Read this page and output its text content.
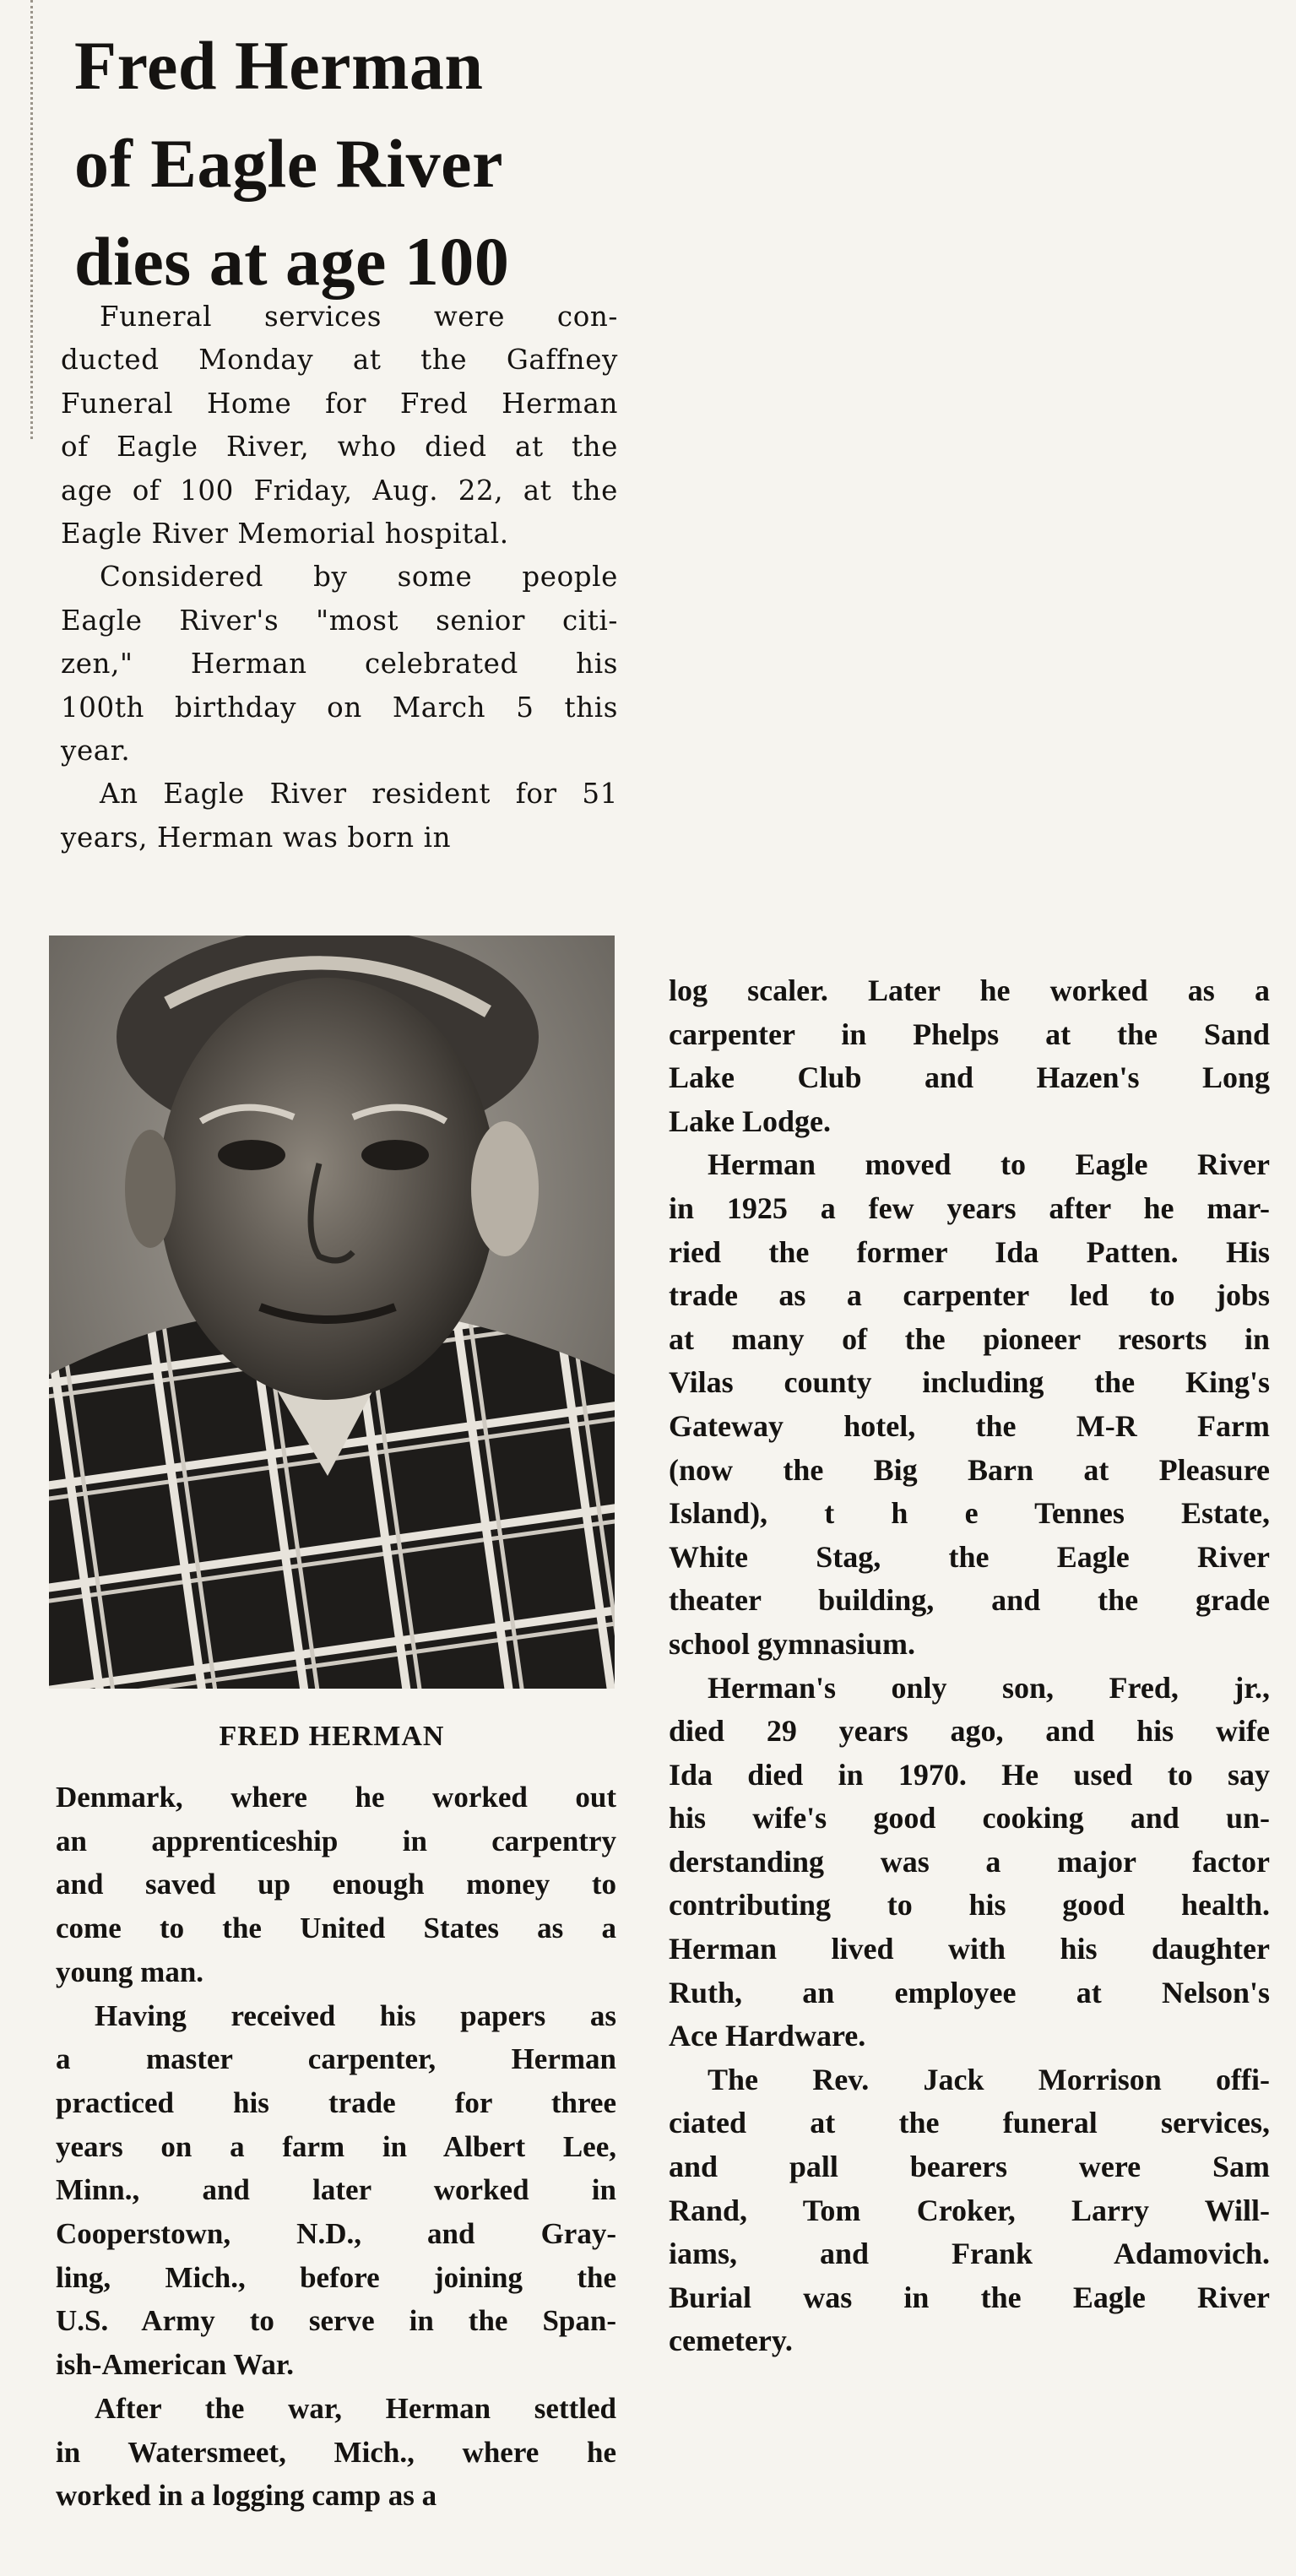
Fred Herman
of Eagle River
dies at age 100

Funeral services were con-
ducted Monday at the Gaffney
Funeral Home for Fred Herman
of Eagle River, who died at the
age of 100 Friday, Aug. 22, at the
Eagle River Memorial hospital.

Considered by some people
Eagle River's "most senior citi-
zen," Herman celebrated his
100th birthday on March 5 this
year.

An Eagle River resident for 51
years, Herman was born in

FRED HERMAN

Denmark, where he worked out
an apprenticeship in carpentry
and saved up enough money to
come to the United States as a
young man.

Having received his papers as
a master carpenter, Herman
practiced his trade for three
years on a farm in Albert Lee,
Minn., and later worked in
Cooperstown, N.D., and Gray-
ling, Mich., before joining the
U.S. Army to serve in the Span-
ish-American War.

After the war, Herman settled
in Watersmeet, Mich., where he
worked in a logging camp as a

log scaler. Later he worked as a
carpenter in Phelps at the Sand
Lake Club and Hazen's Long
Lake Lodge.

Herman moved to Eagle River
in 1925 a few years after he mar-
ried the former Ida Patten. His
trade as a carpenter led to jobs
at many of the pioneer resorts in
Vilas county including the King's
Gateway hotel, the M-R Farm
(now the Big Barn at Pleasure
Island), t h e Tennes Estate,
White Stag, the Eagle River
theater building, and the grade
school gymnasium.

Herman's only son, Fred, jr.,
died 29 years ago, and his wife
Ida died in 1970. He used to say
his wife's good cooking and un-
derstanding was a major factor
contributing to his good health.
Herman lived with his daughter
Ruth, an employee at Nelson's
Ace Hardware.

The Rev. Jack Morrison offi-
ciated at the funeral services,
and pall bearers were Sam
Rand, Tom Croker, Larry Will-
iams, and Frank Adamovich.
Burial was in the Eagle River
cemetery.
